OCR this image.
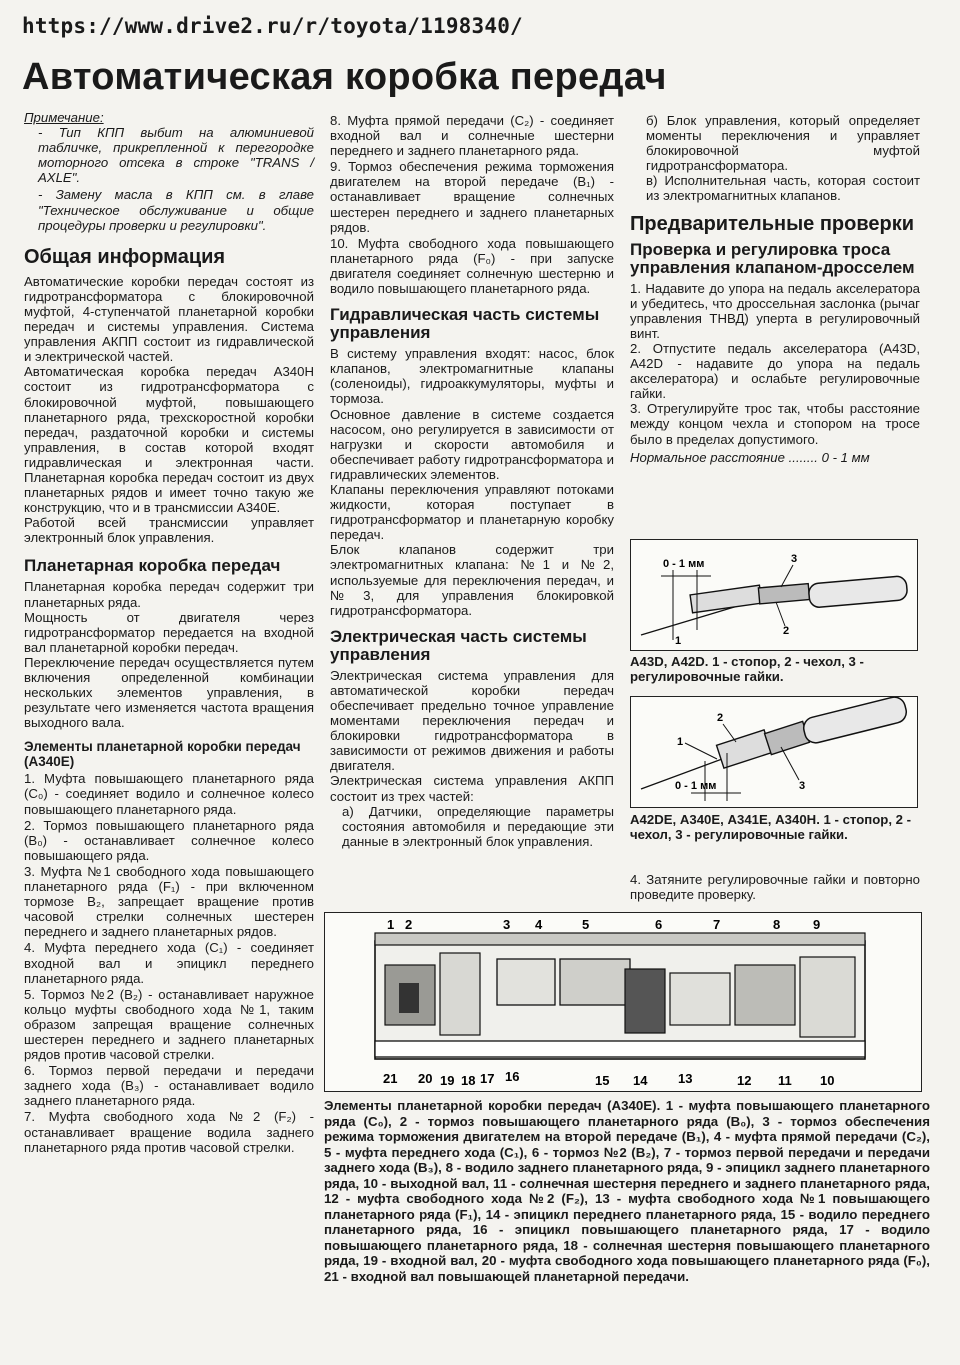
https://www.drive2.ru/r/toyota/1198340/
Автоматическая коробка передач
Примечание:

- Тип КПП выбит на алюминиевой табличке, прикрепленной к перегородке моторного отсека в строке "TRANS / AXLE".

- Замену масла в КПП см. в главе "Техническое обслуживание и общие процедуры проверки и регулировки".

Общая информация

Автоматические коробки передач состоят из гидротрансформатора с блокировочной муфтой, 4-ступенчатой планетарной коробки передач и системы управления. Система управления АКПП состоит из гидравлической и электрической частей.

Автоматическая коробка передач А340Н состоит из гидротрансформатора с блокировочной муфтой, повышающего планетарного ряда, трехскоростной коробки передач, раздаточной коробки и системы управления, в состав которой входят гидравлическая и электронная части. Планетарная коробка передач состоит из двух планетарных рядов и имеет точно такую же конструкцию, что и в трансмиссии А340Е.

Работой всей трансмиссии управляет электронный блок управления.

Планетарная коробка передач

Планетарная коробка передач содержит три планетарных ряда.

Мощность от двигателя через гидротрансформатор передается на входной вал планетарной коробки передач.

Переключение передач осуществляется путем включения определенной комбинации нескольких элементов управления, в результате чего изменяется частота вращения выходного вала.

Элементы планетарной коробки передач (А340Е)
1. Муфта повышающего планетарного ряда (С₀) - соединяет водило и солнечное колесо повышающего планетарного ряда.
2. Тормоз повышающего планетарного ряда (В₀) - останавливает солнечное колесо повышающего ряда.
3. Муфта №1 свободного хода повышающего планетарного ряда (F₁) - при включенном тормозе В₂, запрещает вращение против часовой стрелки солнечных шестерен переднего и заднего планетарных рядов.
4. Муфта переднего хода (С₁) - соединяет входной вал и эпицикл переднего планетарного ряда.
5. Тормоз №2 (В₂) - останавливает наружное кольцо муфты свободного хода №1, таким образом запрещая вращение солнечных шестерен переднего и заднего планетарных рядов против часовой стрелки.
6. Тормоз первой передачи и передачи заднего хода (В₃) - останавливает водило заднего планетарного ряда.
7. Муфта свободного хода №2 (F₂) - останавливает вращение водила заднего планетарного ряда против часовой стрелки.
8. Муфта прямой передачи (С₂) - соединяет входной вал и солнечные шестерни переднего и заднего планетарного ряда.
9. Тормоз обеспечения режима торможения двигателем на второй передаче (В₁) - останавливает вращение солнечных шестерен переднего и заднего планетарных рядов.
10. Муфта свободного хода повышающего планетарного ряда (F₀) - при запуске двигателя соединяет солнечную шестерню и водило повышающего планетарного ряда.
Гидравлическая часть системы управления

В систему управления входят: насос, блок клапанов, электромагнитные клапаны (соленоиды), гидроаккумуляторы, муфты и тормоза.

Основное давление в системе создается насосом, оно регулируется в зависимости от нагрузки и скорости автомобиля и обеспечивает работу гидротрансформатора и гидравлических элементов.

Клапаны переключения управляют потоками жидкости, которая поступает в гидротрансформатор и планетарную коробку передач.

Блок клапанов содержит три электромагнитных клапана: №1 и №2, используемые для переключения передач, и №3, для управления блокировкой гидротрансформатора.

Электрическая часть системы управления

Электрическая система управления для автоматической коробки передач обеспечивает предельно точное управление моментами переключения передач и блокировки гидротрансформатора в зависимости от режимов движения и работы двигателя.

Электрическая система управления АКПП состоит из трех частей:

а) Датчики, определяющие параметры состояния автомобиля и передающие эти данные в электронный блок управления.

б) Блок управления, который определяет моменты переключения и управляет блокировочной муфтой гидротрансформатора.

в) Исполнительная часть, которая состоит из электромагнитных клапанов.

Предварительные проверки
Проверка и регулировка троса управления клапаном-дросселем

1. Надавите до упора на педаль акселератора и убедитесь, что дроссельная заслонка (рычаг управления ТНВД) уперта в регулировочный винт.

2. Отпустите педаль акселератора (А43D, А42D - надавите до упора на педаль акселератора) и ослабьте регулировочные гайки.

3. Отрегулируйте трос так, чтобы расстояние между концом чехла и стопором на тросе было в пределах допустимого.

Нормальное расстояние ........ 0 - 1 мм

0 - 1 мм
1
2
3
А43D, А42D. 1 - стопор, 2 - чехол, 3 - регулировочные гайки.
0 - 1 мм
1
2
3
А42DE, А340E, А341E, А340H. 1 - стопор, 2 - чехол, 3 - регулировочные гайки.

4. Затяните регулировочные гайки и повторно проведите проверку.

1 2	3 4	5	6	7	8	9
21 20 19 18 17 16	15 14 13	12 11 10
Элементы планетарной коробки передач (А340Е). 1 - муфта повышающего планетарного ряда (С₀), 2 - тормоз повышающего планетарного ряда (В₀), 3 - тормоз обеспечения режима торможения двигателем на второй передаче (В₁), 4 - муфта прямой передачи (С₂), 5 - муфта переднего хода (С₁), 6 - тормоз №2 (В₂), 7 - тормоз первой передачи и передачи заднего хода (В₃), 8 - водило заднего планетарного ряда, 9 - эпицикл заднего планетарного ряда, 10 - выходной вал, 11 - солнечная шестерня переднего и заднего планетарного ряда, 12 - муфта свободного хода №2 (F₂), 13 - муфта свободного хода №1 повышающего планетарного ряда (F₁), 14 - эпицикл переднего планетарного ряда, 15 - водило переднего планетарного ряда, 16 - эпицикл повышающего планетарного ряда, 17 - водило повышающего планетарного ряда, 18 - солнечная шестерня повышающего планетарного ряда, 19 - входной вал, 20 - муфта свободного хода повышающего планетарного ряда (F₀), 21 - входной вал повышающей планетарной передачи.
